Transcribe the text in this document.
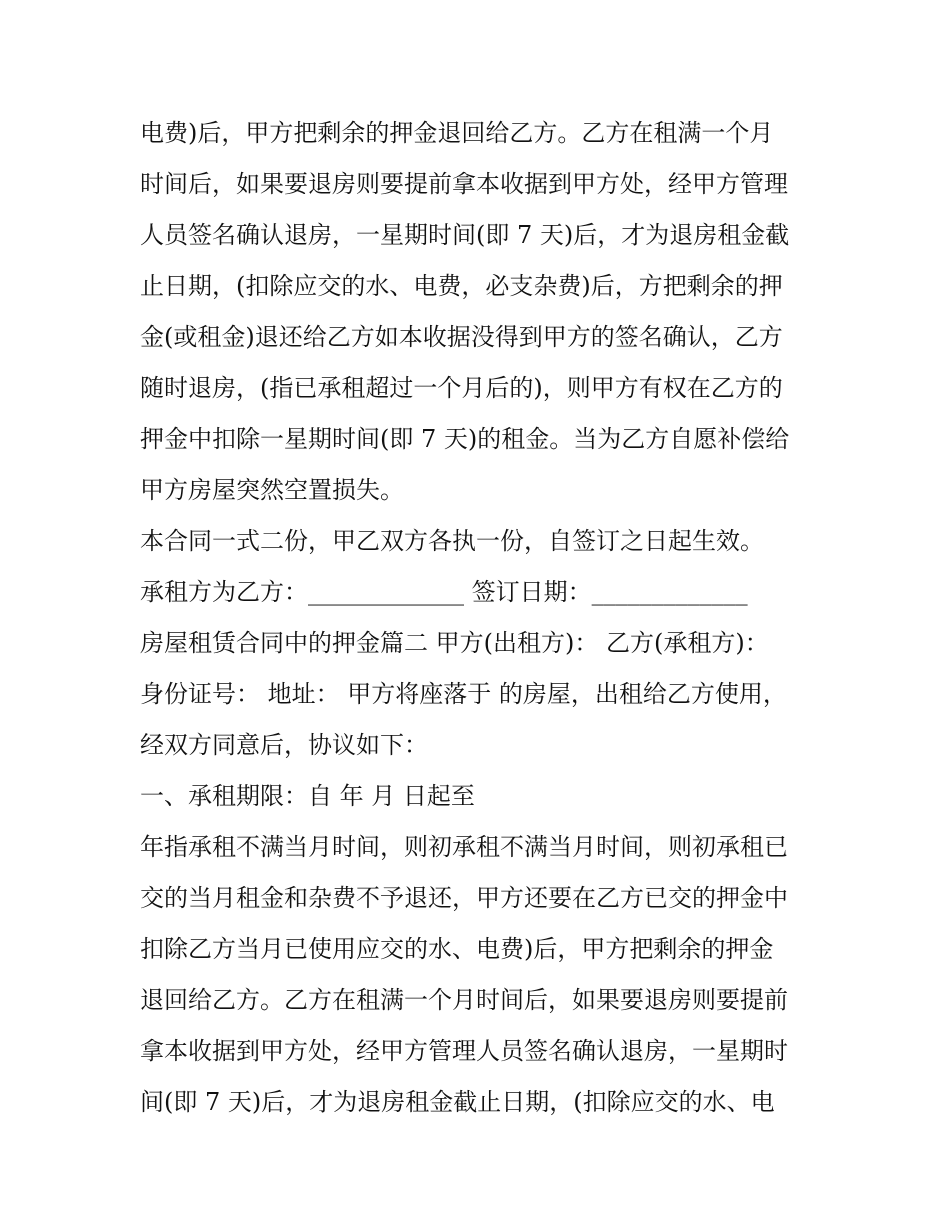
电费)后，甲方把剩余的押金退回给乙方。乙方在租满一个月
时间后，如果要退房则要提前拿本收据到甲方处，经甲方管理
人员签名确认退房，一星期时间(即 7 天)后，才为退房租金截
止日期，(扣除应交的水、电费，必支杂费)后，方把剩余的押
金(或租金)退还给乙方如本收据没得到甲方的签名确认，乙方
随时退房，(指已承租超过一个月后的)，则甲方有权在乙方的
押金中扣除一星期时间(即 7 天)的租金。当为乙方自愿补偿给
甲方房屋突然空置损失。
本合同一式二份，甲乙双方各执一份，自签订之日起生效。
承租方为乙方：_____________ 签订日期：_____________
房屋租赁合同中的押金篇二 甲方(出租方)： 乙方(承租方)：
身份证号： 地址： 甲方将座落于 的房屋，出租给乙方使用，
经双方同意后，协议如下：
一、承租期限：自 年 月 日起至
年指承租不满当月时间，则初承租不满当月时间，则初承租已
交的当月租金和杂费不予退还，甲方还要在乙方已交的押金中
扣除乙方当月已使用应交的水、电费)后，甲方把剩余的押金
退回给乙方。乙方在租满一个月时间后，如果要退房则要提前
拿本收据到甲方处，经甲方管理人员签名确认退房，一星期时
间(即 7 天)后，才为退房租金截止日期，(扣除应交的水、电
